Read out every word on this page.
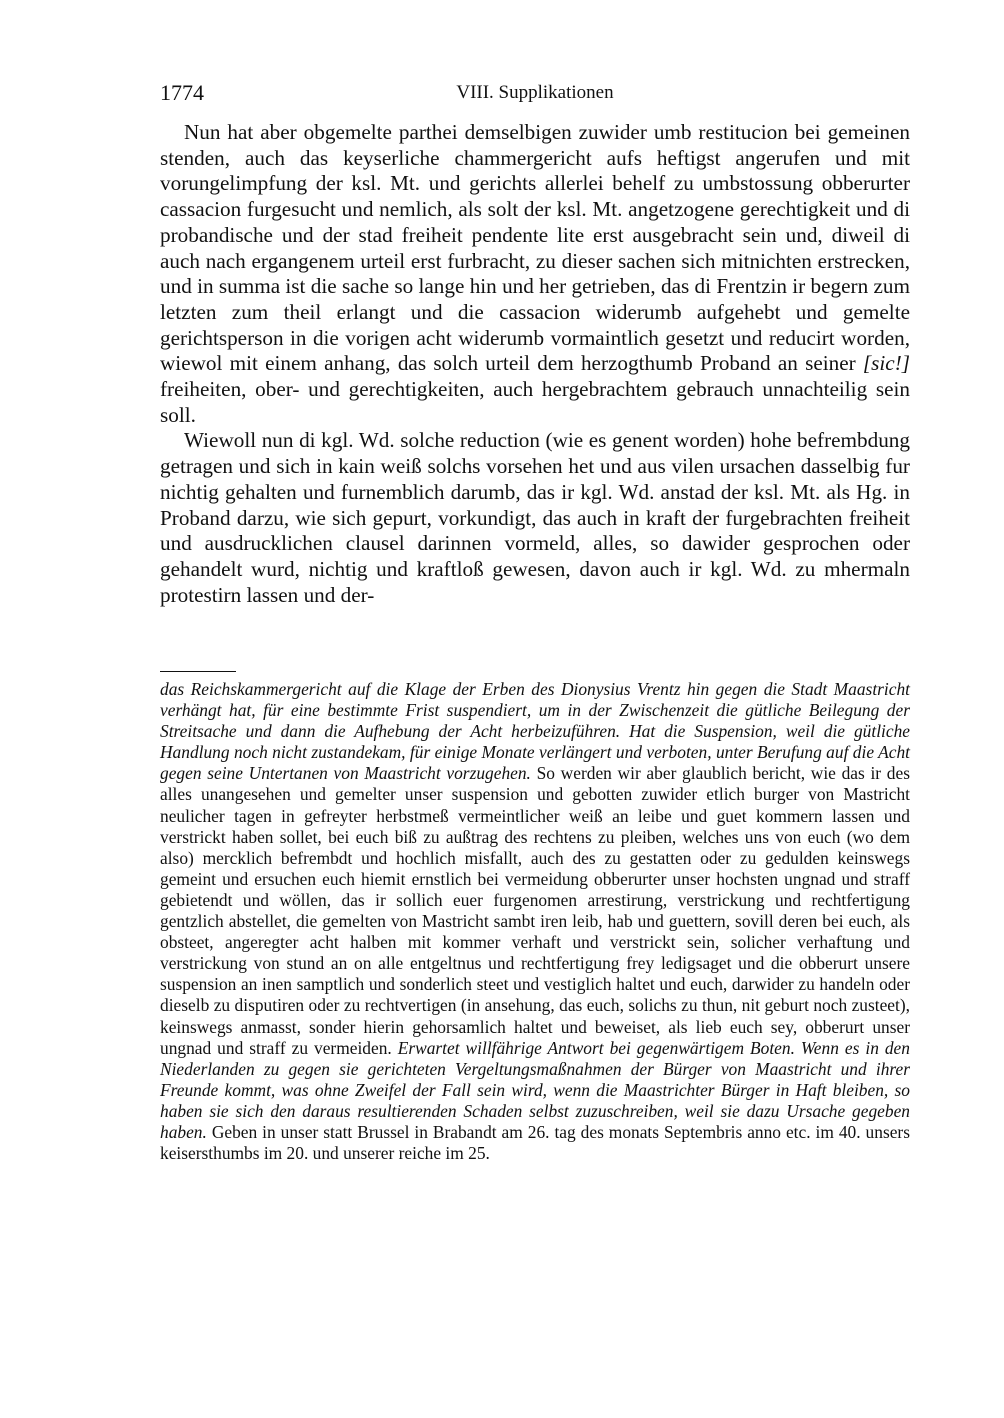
1774	VIII. Supplikationen

Nun hat aber obgemelte parthei demselbigen zuwider umb restitucion bei gemeinen stenden, auch das keyserliche chammergericht aufs heftigst angerufen und mit vorungelimpfung der ksl. Mt. und gerichts allerlei behelf zu umbstossung obberurter cassacion furgesucht und nemlich, als solt der ksl. Mt. angetzogene gerechtigkeit und di probandische und der stad freiheit pendente lite erst ausgebracht sein und, diweil di auch nach ergangenem urteil erst furbracht, zu dieser sachen sich mitnichten erstrecken, und in summa ist die sache so lange hin und her getrieben, das di Frentzin ir begern zum letzten zum theil erlangt und die cassacion widerumb aufgehebt und gemelte gerichtsperson in die vorigen acht widerumb vormaintlich gesetzt und reducirt worden, wiewol mit einem anhang, das solch urteil dem herzogthumb Proband an seiner [sic!] freiheiten, ober- und gerechtigkeiten, auch hergebrachtem gebrauch unnachteilig sein soll.

Wiewoll nun di kgl. Wd. solche reduction (wie es genent worden) hohe befrembdung getragen und sich in kain weiß solchs vorsehen het und aus vilen ursachen dasselbig fur nichtig gehalten und furnemblich darumb, das ir kgl. Wd. anstad der ksl. Mt. als Hg. in Proband darzu, wie sich gepurt, vorkundigt, das auch in kraft der furgebrachten freiheit und ausdrucklichen clausel darinnen vormeld, alles, so dawider gesprochen oder gehandelt wurd, nichtig und kraftloß gewesen, davon auch ir kgl. Wd. zu mhermaln protestirn lassen und der-

das Reichskammergericht auf die Klage der Erben des Dionysius Vrentz hin gegen die Stadt Maastricht verhängt hat, für eine bestimmte Frist suspendiert, um in der Zwischenzeit die gütliche Beilegung der Streitsache und dann die Aufhebung der Acht herbeizuführen. Hat die Suspension, weil die gütliche Handlung noch nicht zustandekam, für einige Monate verlängert und verboten, unter Berufung auf die Acht gegen seine Untertanen von Maastricht vorzugehen. So werden wir aber glaublich bericht, wie das ir des alles unangesehen und gemelter unser suspension und gebotten zuwider etlich burger von Mastricht neulicher tagen in gefreyter herbstmeß vermeintlicher weiß an leibe und guet kommern lassen und verstrickt haben sollet, bei euch biß zu außtrag des rechtens zu pleiben, welches uns von euch (wo dem also) mercklich befrembdt und hochlich misfallt, auch des zu gestatten oder zu gedulden keinswegs gemeint und ersuchen euch hiemit ernstlich bei vermeidung obberurter unser hochsten ungnad und straff gebietendt und wöllen, das ir sollich euer furgenomen arrestirung, verstrickung und rechtfertigung gentzlich abstellet, die gemelten von Mastricht sambt iren leib, hab und guettern, sovill deren bei euch, als obsteet, angeregter acht halben mit kommer verhaft und verstrickt sein, solicher verhaftung und verstrickung von stund an on alle entgeltnus und rechtfertigung frey ledigsaget und die obberurt unsere suspension an inen samptlich und sonderlich steet und vestiglich haltet und euch, darwider zu handeln oder dieselb zu disputiren oder zu rechtvertigen (in ansehung, das euch, solichs zu thun, nit geburt noch zusteet), keinswegs anmasst, sonder hierin gehorsamlich haltet und beweiset, als lieb euch sey, obberurt unser ungnad und straff zu vermeiden. Erwartet willfährige Antwort bei gegenwärtigem Boten. Wenn es in den Niederlanden zu gegen sie gerichteten Vergeltungsmaßnahmen der Bürger von Maastricht und ihrer Freunde kommt, was ohne Zweifel der Fall sein wird, wenn die Maastrichter Bürger in Haft bleiben, so haben sie sich den daraus resultierenden Schaden selbst zuzuschreiben, weil sie dazu Ursache gegeben haben. Geben in unser statt Brussel in Brabandt am 26. tag des monats Septembris anno etc. im 40. unsers keisersthumbs im 20. und unserer reiche im 25.
